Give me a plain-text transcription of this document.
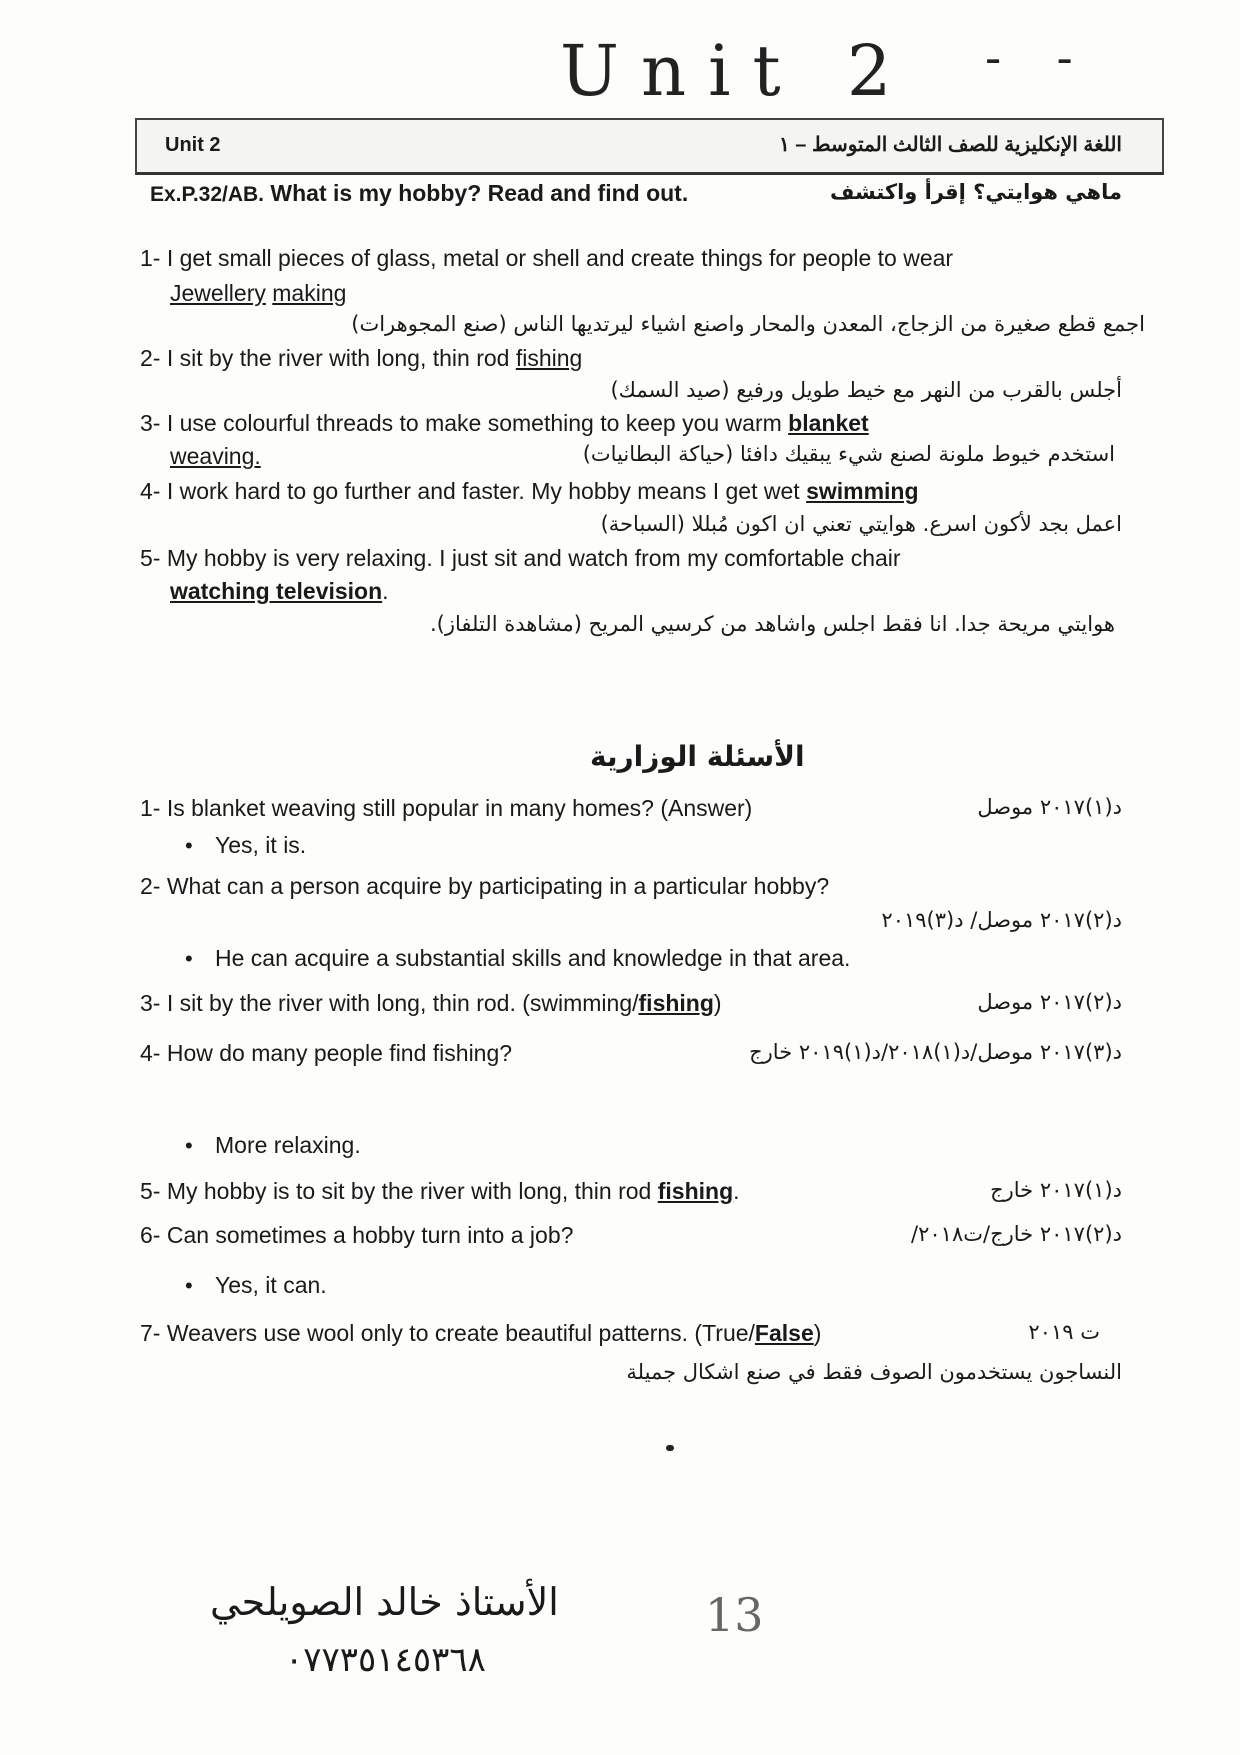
Unit 2 - -
Unit 2	اللغة الإنكليزية للصف الثالث المتوسط – ١
Ex.P.32/AB. What is my hobby? Read and find out.	ماهي هوايتي؟ إقرأ واكتشف
1- I get small pieces of glass, metal or shell and create things for people to wear
Jewellery making
اجمع قطع صغيرة من الزجاج، المعدن والمحار واصنع اشياء ليرتديها الناس (صنع المجوهرات)
2- I sit by the river with long, thin rod fishing
أجلس بالقرب من النهر مع خيط طويل ورفيع (صيد السمك)
3- I use colourful threads to make something to keep you warm blanket
weaving.	استخدم خيوط ملونة لصنع شيء يبقيك دافئا (حياكة البطانيات)
4- I work hard to go further and faster. My hobby means I get wet swimming
اعمل بجد لأكون اسرع. هوايتي تعني ان اكون مُبللا (السباحة)
5- My hobby is very relaxing. I just sit and watch from my comfortable chair
watching television.
هوايتي مريحة جدا. انا فقط اجلس واشاهد من كرسيي المريح (مشاهدة التلفاز).
الأسئلة الوزارية
1- Is blanket weaving still popular in many homes? (Answer)	د(١)٢٠١٧ موصل
• Yes, it is.
2- What can a person acquire by participating in a particular hobby?
د(٢)٢٠١٧ موصل/ د(٣)٢٠١٩
• He can acquire a substantial skills and knowledge in that area.
3- I sit by the river with long, thin rod. (swimming/fishing)	د(٢)٢٠١٧ موصل
4- How do many people find fishing?	د(٣)٢٠١٧ موصل/د(١)٢٠١٨/د(١)٢٠١٩ خارج
• More relaxing.
5- My hobby is to sit by the river with long, thin rod fishing.	د(١)٢٠١٧ خارج
6- Can sometimes a hobby turn into a job?	د(٢)٢٠١٧ خارج/ت٢٠١٨/
• Yes, it can.
7- Weavers use wool only to create beautiful patterns. (True/False)	ت ٢٠١٩
النساجون يستخدمون الصوف فقط في صنع اشكال جميلة
الأستاذ خالد الصويلحي
٠٧٧٣٥١٤٥٣٦٨
13
